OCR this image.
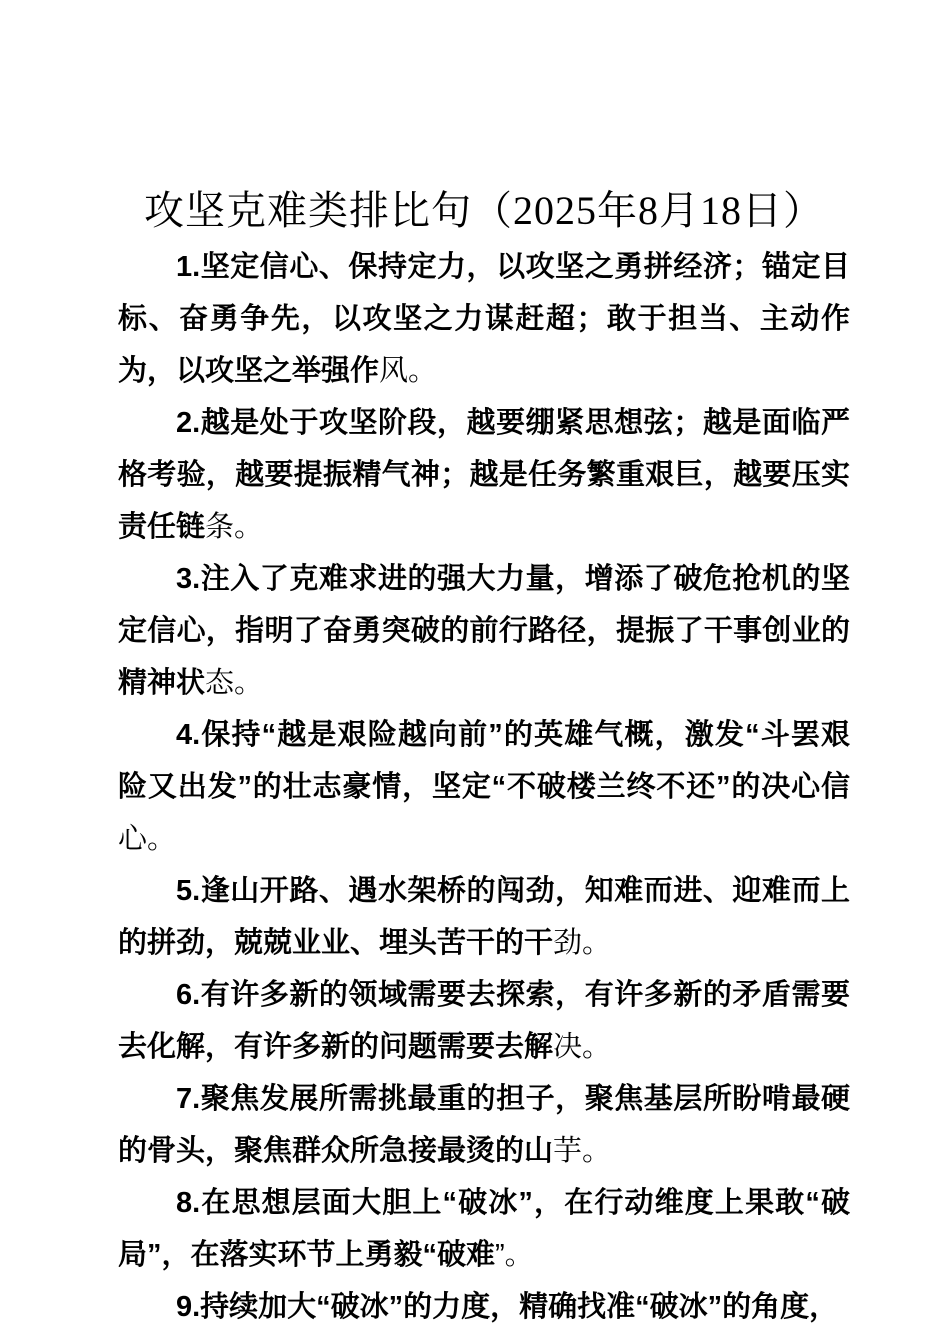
攻坚克难类排比句（2025年8月18日）

1.坚定信心、保持定力，以攻坚之勇拼经济；锚定目标、奋勇争先，以攻坚之力谋赶超；敢于担当、主动作为，以攻坚之举强作风。

2.越是处于攻坚阶段，越要绷紧思想弦；越是面临严格考验，越要提振精气神；越是任务繁重艰巨，越要压实责任链条。

3.注入了克难求进的强大力量，增添了破危抢机的坚定信心，指明了奋勇突破的前行路径，提振了干事创业的精神状态。

4.保持“越是艰险越向前”的英雄气概，激发“斗罢艰险又出发”的壮志豪情，坚定“不破楼兰终不还”的决心信心。

5.逢山开路、遇水架桥的闯劲，知难而进、迎难而上的拼劲，兢兢业业、埋头苦干的干劲。

6.有许多新的领域需要去探索，有许多新的矛盾需要去化解，有许多新的问题需要去解决。

7.聚焦发展所需挑最重的担子，聚焦基层所盼啃最硬的骨头，聚焦群众所急接最烫的山芋。

8.在思想层面大胆上“破冰”，在行动维度上果敢“破局”，在落实环节上勇毅“破难”。

9.持续加大“破冰”的力度，精确找准“破冰”的角度，
